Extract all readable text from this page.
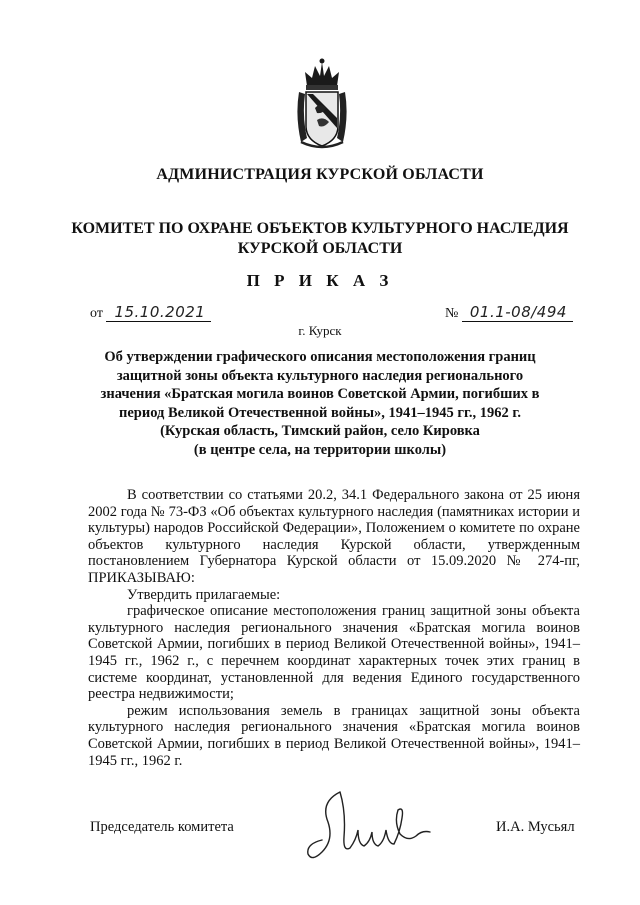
АДМИНИСТРАЦИЯ КУРСКОЙ ОБЛАСТИ
КОМИТЕТ ПО ОХРАНЕ ОБЪЕКТОВ КУЛЬТУРНОГО НАСЛЕДИЯ
КУРСКОЙ ОБЛАСТИ
П Р И К А З
от 15.10.2021	№ 01.1-08/494
г. Курск
Об утверждении графического описания местоположения границ
защитной зоны объекта культурного наследия регионального
значения «Братская могила воинов Советской Армии, погибших в
период Великой Отечественной войны», 1941–1945 гг., 1962 г.
(Курская область, Тимский район, село Кировка
(в центре села, на территории школы)

В соответствии со статьями 20.2, 34.1 Федерального закона от 25 июня 2002 года № 73-ФЗ «Об объектах культурного наследия (памятниках истории и культуры) народов Российской Федерации», Положением о комитете по охране объектов культурного наследия Курской области, утвержденным постановлением Губернатора Курской области от 15.09.2020 № 274-пг, ПРИКАЗЫВАЮ:

Утвердить прилагаемые:

графическое описание местоположения границ защитной зоны объекта культурного наследия регионального значения «Братская могила воинов Советской Армии, погибших в период Великой Отечественной войны», 1941–1945 гг., 1962 г., с перечнем координат характерных точек этих границ в системе координат, установленной для ведения Единого государственного реестра недвижимости;

режим использования земель в границах защитной зоны объекта культурного наследия регионального значения «Братская могила воинов Советской Армии, погибших в период Великой Отечественной войны», 1941–1945 гг., 1962 г.

Председатель комитета	И.А. Мусьял
